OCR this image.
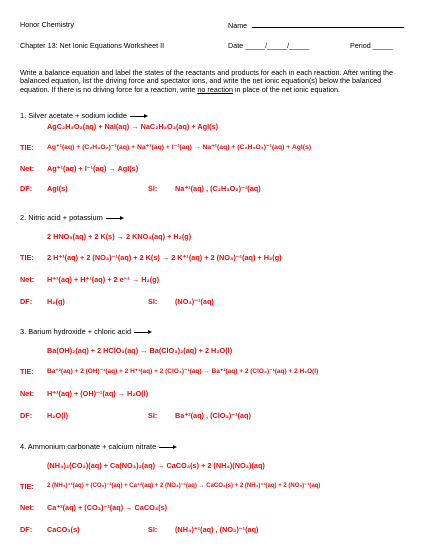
Honor Chemistry	Name
Chapter 13: Net Ionic Equations Worksheet II	Date _____/_____/_____	Period _____
Write a balance equation and label the states of the reactants and products for each in each reaction. After writing the balanced equation, list the driving force and spectator ions, and write the net ionic equation(s) below the balanced equation. If there is no driving force for a reaction, write no reaction in place of the net ionic equation.
1. Silver acetate + sodium iodide
AgC₂H₃O₂(aq) + NaI(aq) → NaC₂H₃O₂(aq) + AgI(s)
TIE: Ag⁺¹(aq) + (C₂H₃O₂)⁻¹(aq) + Na⁺¹(aq) + I⁻¹(aq) → Na⁺¹(aq) + (C₂H₃O₂)⁻¹(aq) + AgI(s)
Net: Ag⁺¹(aq) + I⁻¹(aq) → AgI(s)
DF: AgI(s)	SI: Na⁺¹(aq) , (C₂H₃O₂)⁻¹(aq)
2. Nitric acid + potassium
2 HNO₃(aq) + 2 K(s) → 2 KNO₃(aq) + H₂(g)
TIE: 2 H⁺¹(aq) + 2 (NO₃)⁻¹(aq) + 2 K(s) → 2 K⁺¹(aq) + 2 (NO₃)⁻¹(aq) + H₂(g)
Net: H⁺¹(aq) + H⁺¹(aq) + 2 e⁻¹ → H₂(g)
DF: H₂(g)	SI: (NO₃)⁻¹(aq)
3. Barium hydroxide + chloric acid
Ba(OH)₂(aq) + 2 HClO₃(aq) → Ba(ClO₃)₂(aq) + 2 H₂O(l)
TIE: Ba⁺²(aq) + 2 (OH)⁻¹(aq) + 2 H⁺¹(aq) + 2 (ClO₃)⁻¹(aq) → Ba⁺²(aq) + 2 (ClO₃)⁻¹(aq) + 2 H₂O(l)
Net: H⁺¹(aq) + (OH)⁻¹(aq) → H₂O(l)
DF: H₂O(l)	SI: Ba⁺²(aq) , (ClO₃)⁻¹(aq)
4. Ammonium carbonate + calcium nitrate
(NH₄)₂(CO₃)(aq) + Ca(NO₃)₂(aq) → CaCO₃(s) + 2 (NH₄)(NO₃)(aq)
TIE: 2 (NH₄)⁺¹(aq) + (CO₃)⁻²(aq) + Ca⁺²(aq) + 2 (NO₃)⁻¹(aq) → CaCO₃(s) + 2 (NH₄)⁺¹(aq) + 2 (NO₃)⁻¹(aq)
Net: Ca⁺²(aq) + (CO₃)⁻²(aq) → CaCO₃(s)
DF: CaCO₃(s)	SI: (NH₄)⁺¹(aq) , (NO₃)⁻¹(aq)
